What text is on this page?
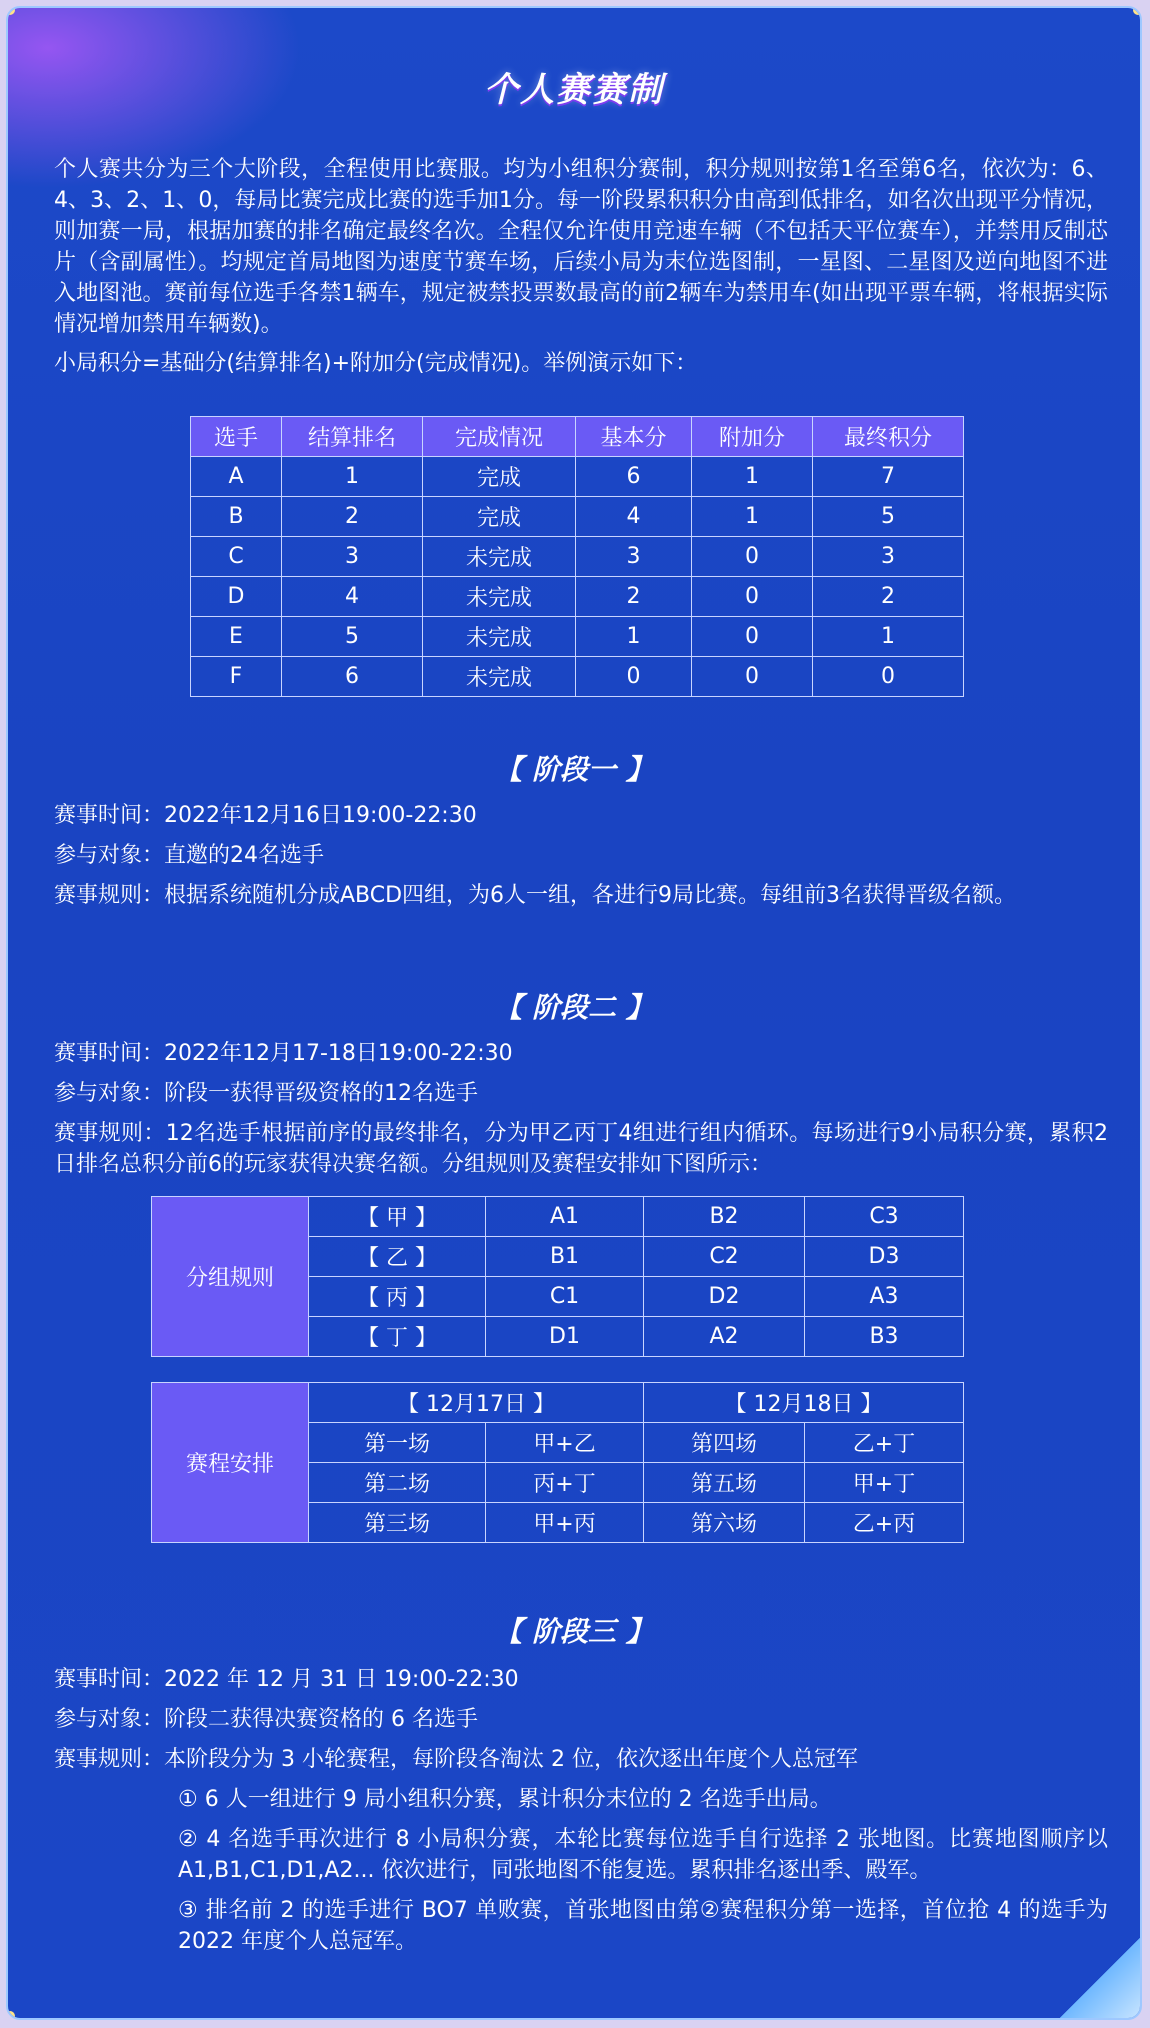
个人赛赛制

个人赛共分为三个大阶段，全程使用比赛服。均为小组积分赛制，积分规则按第1名至第6名，依次为：6、4、3、2、1、0，每局比赛完成比赛的选手加1分。每一阶段累积积分由高到低排名，如名次出现平分情况，则加赛一局，根据加赛的排名确定最终名次。全程仅允许使用竞速车辆（不包括天平位赛车），并禁用反制芯片（含副属性）。均规定首局地图为速度节赛车场，后续小局为末位选图制，一星图、二星图及逆向地图不进入地图池。赛前每位选手各禁1辆车，规定被禁投票数最高的前2辆车为禁用车(如出现平票车辆，将根据实际情况增加禁用车辆数)。

小局积分=基础分(结算排名)+附加分(完成情况)。举例演示如下：

选手	结算排名	完成情况	基本分	附加分	最终积分
A	1	完成	6	1	7
B	2	完成	4	1	5
C	3	未完成	3	0	3
D	4	未完成	2	0	2
E	5	未完成	1	0	1
F	6	未完成	0	0	0
【 阶段一 】

赛事时间：2022年12月16日19:00-22:30

参与对象：直邀的24名选手

赛事规则：根据系统随机分成ABCD四组，为6人一组，各进行9局比赛。每组前3名获得晋级名额。

【 阶段二 】

赛事时间：2022年12月17-18日19:00-22:30

参与对象：阶段一获得晋级资格的12名选手

赛事规则：12名选手根据前序的最终排名，分为甲乙丙丁4组进行组内循环。每场进行9小局积分赛，累积2日排名总积分前6的玩家获得决赛名额。分组规则及赛程安排如下图所示：

分组规则	【 甲 】	A1	B2	C3
	【 乙 】	B1	C2	D3
	【 丙 】	C1	D2	A3
	【 丁 】	D1	A2	B3
赛程安排	【 12月17日 】		【 12月18日 】	
	第一场	甲+乙	第四场	乙+丁
	第二场	丙+丁	第五场	甲+丁
	第三场	甲+丙	第六场	乙+丙
【 阶段三 】

赛事时间：2022 年 12 月 31 日 19:00-22:30

参与对象：阶段二获得决赛资格的 6 名选手

赛事规则：本阶段分为 3 小轮赛程，每阶段各淘汰 2 位，依次逐出年度个人总冠军

① 6 人一组进行 9 局小组积分赛，累计积分末位的 2 名选手出局。

② 4 名选手再次进行 8 小局积分赛，本轮比赛每位选手自行选择 2 张地图。比赛地图顺序以 A1,B1,C1,D1,A2... 依次进行，同张地图不能复选。累积排名逐出季、殿军。

③ 排名前 2 的选手进行 BO7 单败赛，首张地图由第②赛程积分第一选择，首位抢 4 的选手为 2022 年度个人总冠军。
